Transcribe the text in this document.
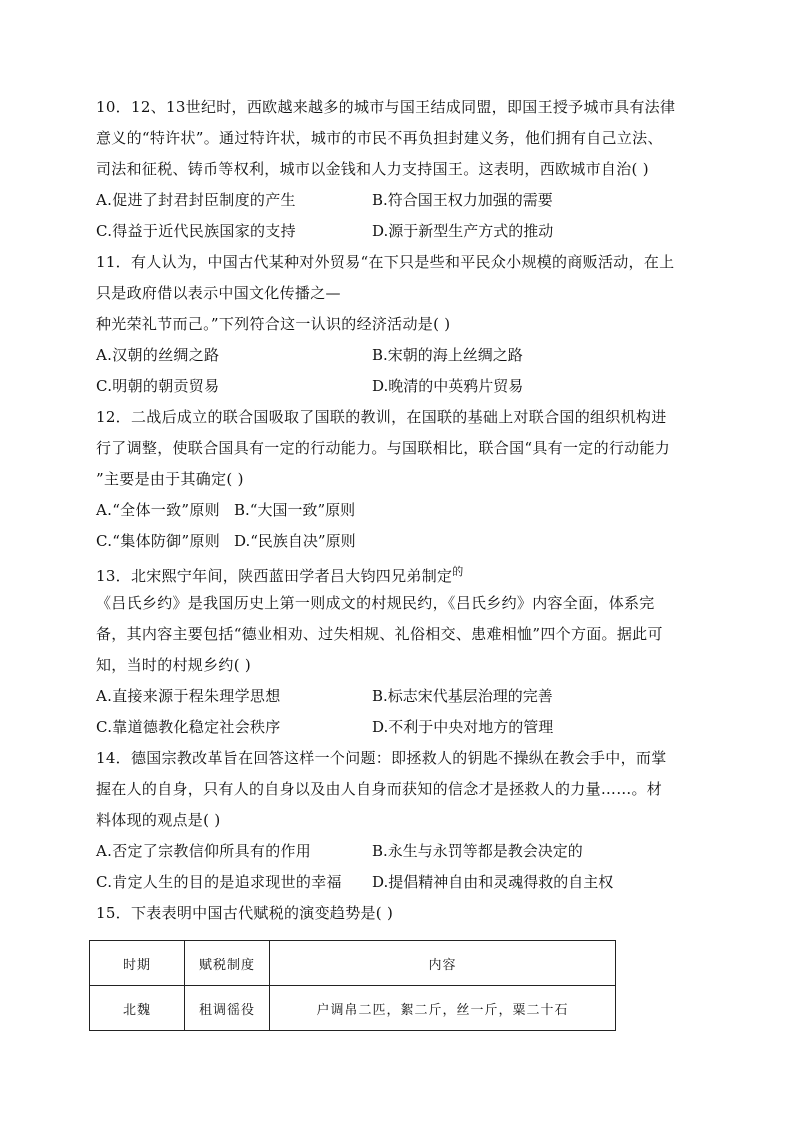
10．12、13世纪时，西欧越来越多的城市与国王结成同盟，即国王授予城市具有法律
意义的“特许状”。通过特许状，城市的市民不再负担封建义务，他们拥有自己立法、
司法和征税、铸币等权利，城市以金钱和人力支持国王。这表明，西欧城市自治( )
A.促进了封君封臣制度的产生	B.符合国王权力加强的需要
C.得益于近代民族国家的支持	D.源于新型生产方式的推动
11．有人认为，中国古代某种对外贸易“在下只是些和平民众小规模的商贩活动，在上
只是政府借以表示中国文化传播之—
种光荣礼节而己。”下列符合这一认识的经济活动是( )
A.汉朝的丝绸之路	B.宋朝的海上丝绸之路
C.明朝的朝贡贸易	D.晚清的中英鸦片贸易
12．二战后成立的联合国吸取了国联的教训，在国联的基础上对联合国的组织机构进
行了调整，使联合国具有一定的行动能力。与国联相比，联合国“具有一定的行动能力
”主要是由于其确定( )
A.“全体一致”原则 B.“大国一致”原则
C.“集体防御”原则 D.“民族自决”原则
13．北宋熙宁年间，陕西蓝田学者吕大钧四兄弟制定$^的$
《吕氏乡约》是我国历史上第一则成文的村规民约，《吕氏乡约》内容全面，体系完
备，其内容主要包括“德业相劝、过失相规、礼俗相交、患难相恤”四个方面。据此可
知，当时的村规乡约( )
A.直接来源于程朱理学思想	B.标志宋代基层治理的完善
C.靠道德教化稳定社会秩序	D.不利于中央对地方的管理
14．德国宗教改革旨在回答这样一个问题：即拯救人的钥匙不操纵在教会手中，而掌
握在人的自身，只有人的自身以及由人自身而获知的信念才是拯救人的力量……。材
料体现的观点是( )
A.否定了宗教信仰所具有的作用	B.永生与永罚等都是教会决定的
C.肯定人生的目的是追求现世的幸福 D.提倡精神自由和灵魂得救的自主权
15．下表表明中国古代赋税的演变趋势是( )
时期	赋税制度	内容
北魏	租调徭役	户调帛二匹，絮二斤，丝一斤，粟二十石
